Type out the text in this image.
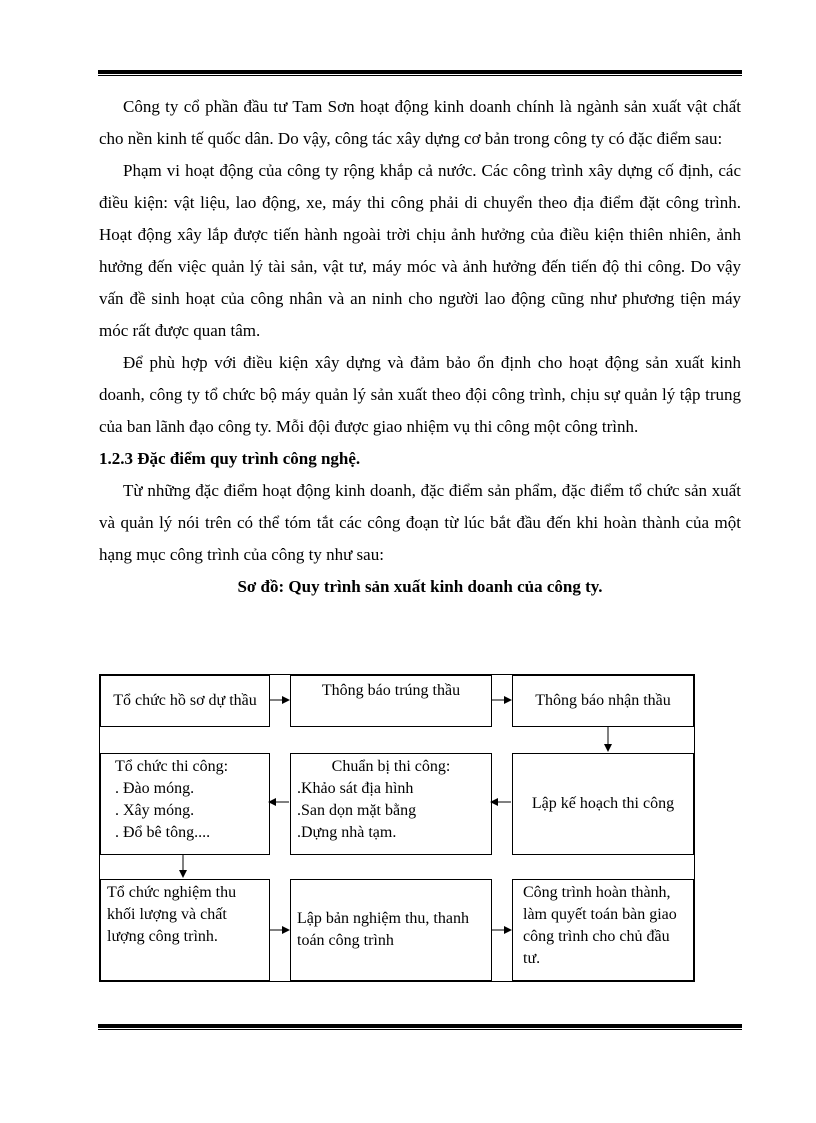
Công ty cổ phần đầu tư Tam Sơn hoạt động kinh doanh chính là ngành sản xuất vật chất cho nền kinh tế quốc dân. Do vậy, công tác xây dựng cơ bản trong công ty có đặc điểm sau:

Phạm vi hoạt động của công ty rộng khắp cả nước. Các công trình xây dựng cố định, các điều kiện: vật liệu, lao động, xe, máy thi công phải di chuyển theo địa điểm đặt công trình. Hoạt động xây lắp được tiến hành ngoài trời chịu ảnh hưởng của điều kiện thiên nhiên, ảnh hưởng đến việc quản lý tài sản, vật tư, máy móc và ảnh hưởng đến tiến độ thi công. Do vậy vấn đề sinh hoạt của công nhân và an ninh cho người lao động cũng như phương tiện máy móc rất được quan tâm.

Để phù hợp với điều kiện xây dựng và đảm bảo ổn định cho hoạt động sản xuất kinh doanh, công ty tổ chức bộ máy quản lý sản xuất theo đội công trình, chịu sự quản lý tập trung của ban lãnh đạo công ty. Mỗi đội được giao nhiệm vụ thi công một công trình.

1.2.3 Đặc điểm quy trình công nghệ.

Từ những đặc điểm hoạt động kinh doanh, đặc điểm sản phẩm, đặc điểm tổ chức sản xuất và quản lý nói trên có thể tóm tắt các công đoạn từ lúc bắt đầu đến khi hoàn thành của một hạng mục công trình của công ty như sau:

Sơ đồ: Quy trình sản xuất kinh doanh của công ty.

Tổ chức hồ sơ dự thầu
Thông báo trúng thầu
Thông báo nhận thầu
Tổ chức thi công:
. Đào móng.
. Xây móng.
. Đổ bê tông....
Chuẩn bị thi công:
.Khảo sát địa hình
.San dọn mặt bằng
.Dựng nhà tạm.
Lập kế hoạch thi công
Tổ chức nghiệm thu khối lượng và chất lượng công trình.
Lập bản nghiệm thu, thanh toán công trình
Công trình hoàn thành, làm quyết toán bàn giao công trình cho chủ đầu tư.
